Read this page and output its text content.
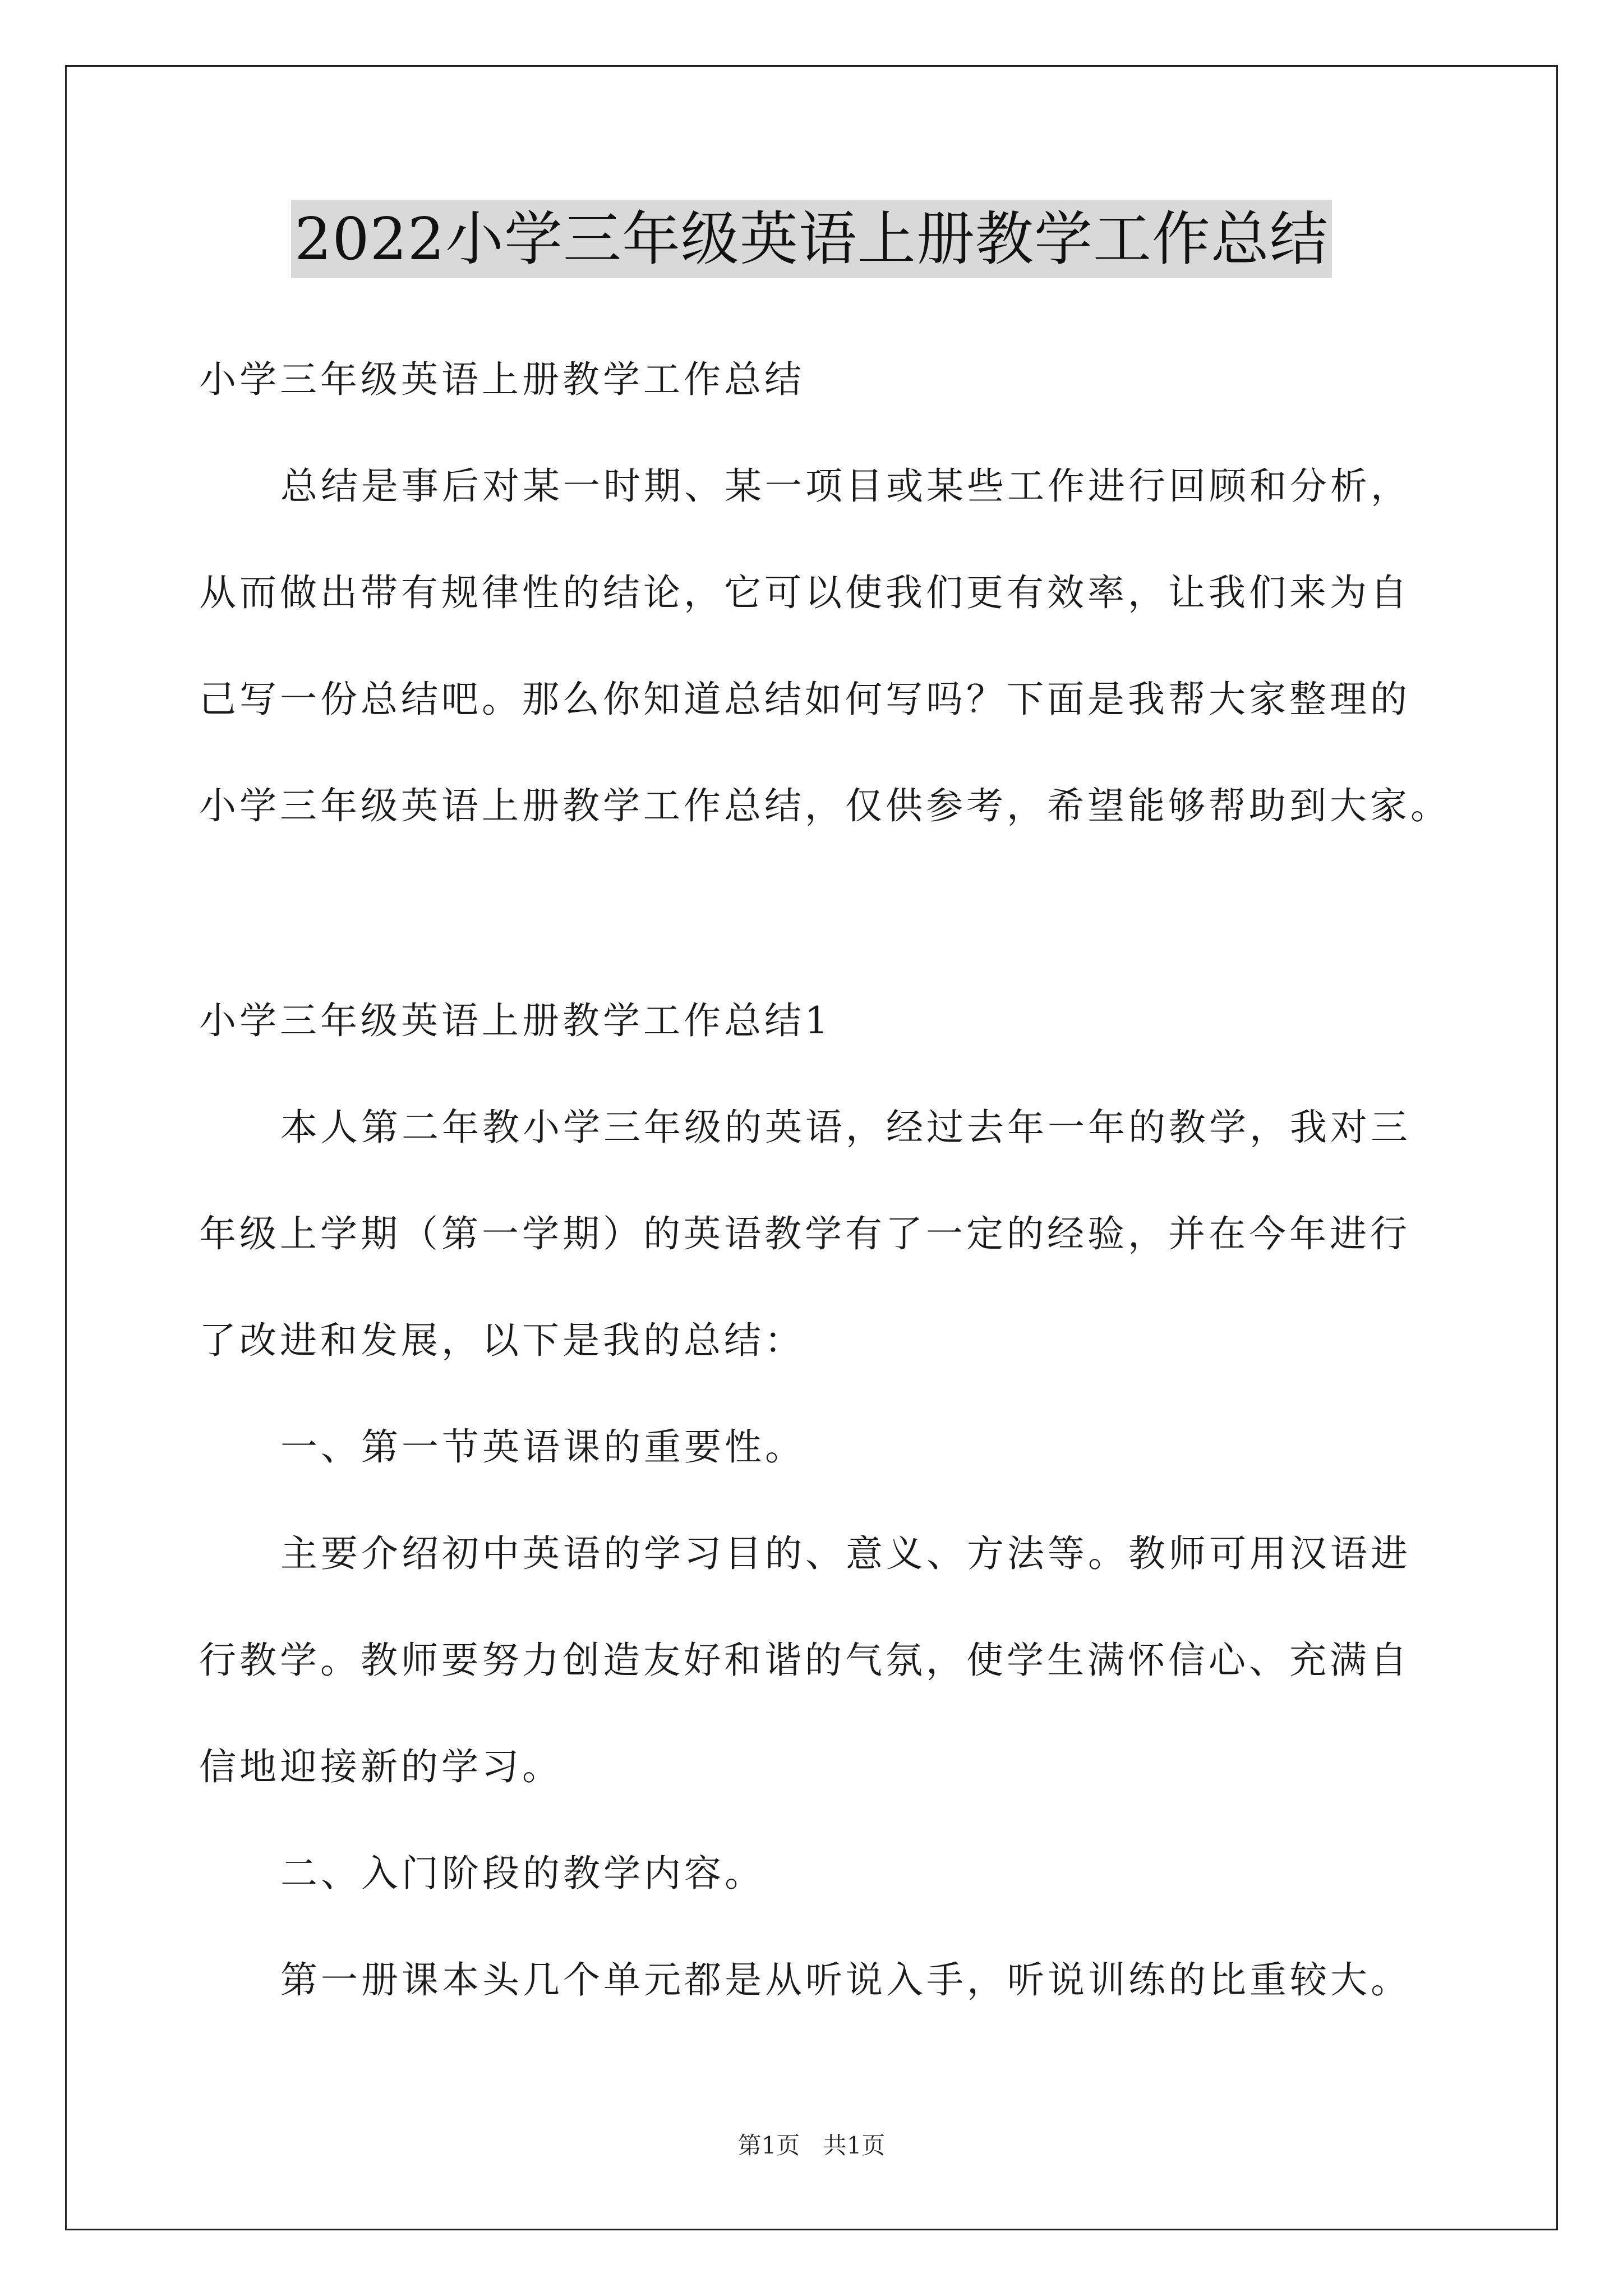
2022小学三年级英语上册教学工作总结
小学三年级英语上册教学工作总结
总结是事后对某一时期、某一项目或某些工作进行回顾和分析，
从而做出带有规律性的结论，它可以使我们更有效率，让我们来为自
己写一份总结吧。那么你知道总结如何写吗？下面是我帮大家整理的
小学三年级英语上册教学工作总结，仅供参考，希望能够帮助到大家。
小学三年级英语上册教学工作总结1
本人第二年教小学三年级的英语，经过去年一年的教学，我对三
年级上学期（第一学期）的英语教学有了一定的经验，并在今年进行
了改进和发展，以下是我的总结：
一、第一节英语课的重要性。
主要介绍初中英语的学习目的、意义、方法等。教师可用汉语进
行教学。教师要努力创造友好和谐的气氛，使学生满怀信心、充满自
信地迎接新的学习。
二、入门阶段的教学内容。
第一册课本头几个单元都是从听说入手，听说训练的比重较大。
第1页 共1页
